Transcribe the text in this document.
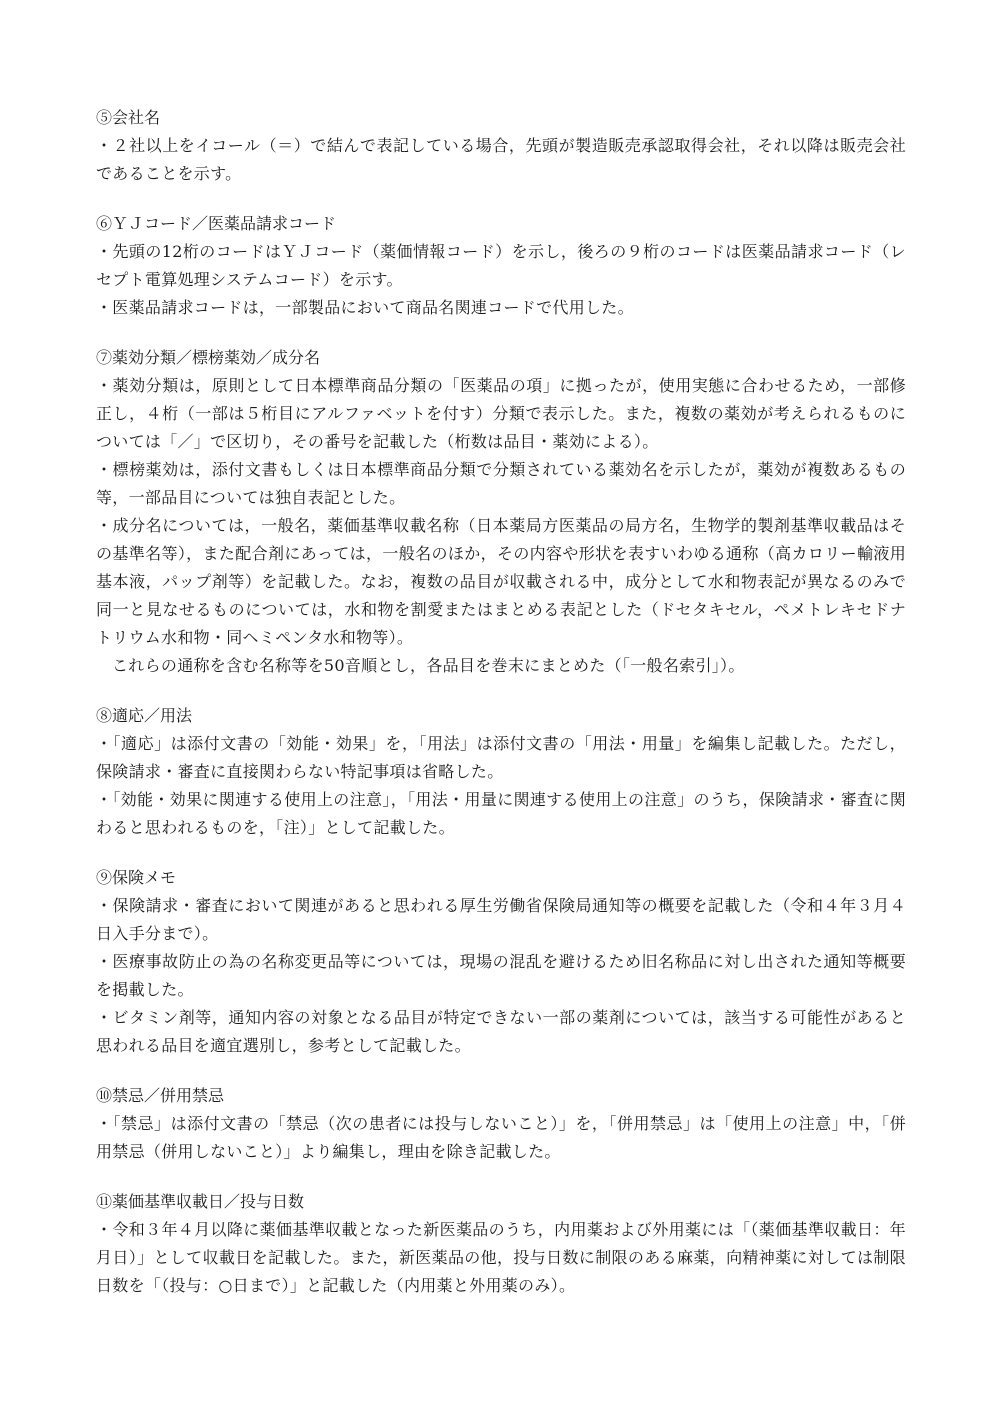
⑤会社名

・２社以上をイコール（＝）で結んで表記している場合，先頭が製造販売承認取得会社，それ以降は販売会社であることを示す。

⑥ＹＪコード／医薬品請求コード

・先頭の12桁のコードはＹＪコード（薬価情報コード）を示し，後ろの９桁のコードは医薬品請求コード（レセプト電算処理システムコード）を示す。

・医薬品請求コードは，一部製品において商品名関連コードで代用した。

⑦薬効分類／標榜薬効／成分名

・薬効分類は，原則として日本標準商品分類の「医薬品の項」に拠ったが，使用実態に合わせるため，一部修正し，４桁（一部は５桁目にアルファベットを付す）分類で表示した。また，複数の薬効が考えられるものについては「／」で区切り，その番号を記載した（桁数は品目・薬効による）。

・標榜薬効は，添付文書もしくは日本標準商品分類で分類されている薬効名を示したが，薬効が複数あるもの等，一部品目については独自表記とした。

・成分名については，一般名，薬価基準収載名称（日本薬局方医薬品の局方名，生物学的製剤基準収載品はその基準名等），また配合剤にあっては，一般名のほか，その内容や形状を表すいわゆる通称（高カロリー輸液用基本液，パップ剤等）を記載した。なお，複数の品目が収載される中，成分として水和物表記が異なるのみで同一と見なせるものについては，水和物を割愛またはまとめる表記とした（ドセタキセル，ペメトレキセドナトリウム水和物・同ヘミペンタ水和物等）。

これらの通称を含む名称等を50音順とし，各品目を巻末にまとめた（「一般名索引」）。

⑧適応／用法

・「適応」は添付文書の「効能・効果」を，「用法」は添付文書の「用法・用量」を編集し記載した。ただし，保険請求・審査に直接関わらない特記事項は省略した。

・「効能・効果に関連する使用上の注意」，「用法・用量に関連する使用上の注意」のうち，保険請求・審査に関わると思われるものを，「注）」として記載した。

⑨保険メモ

・保険請求・審査において関連があると思われる厚生労働省保険局通知等の概要を記載した（令和４年３月４日入手分まで）。

・医療事故防止の為の名称変更品等については，現場の混乱を避けるため旧名称品に対し出された通知等概要を掲載した。

・ビタミン剤等，通知内容の対象となる品目が特定できない一部の薬剤については，該当する可能性があると思われる品目を適宜選別し，参考として記載した。

⑩禁忌／併用禁忌

・「禁忌」は添付文書の「禁忌（次の患者には投与しないこと）」を，「併用禁忌」は「使用上の注意」中，「併用禁忌（併用しないこと）」より編集し，理由を除き記載した。

⑪薬価基準収載日／投与日数

・令和３年４月以降に薬価基準収載となった新医薬品のうち，内用薬および外用薬には「（薬価基準収載日：年月日）」として収載日を記載した。また，新医薬品の他，投与日数に制限のある麻薬，向精神薬に対しては制限日数を「（投与：○日まで）」と記載した（内用薬と外用薬のみ）。
